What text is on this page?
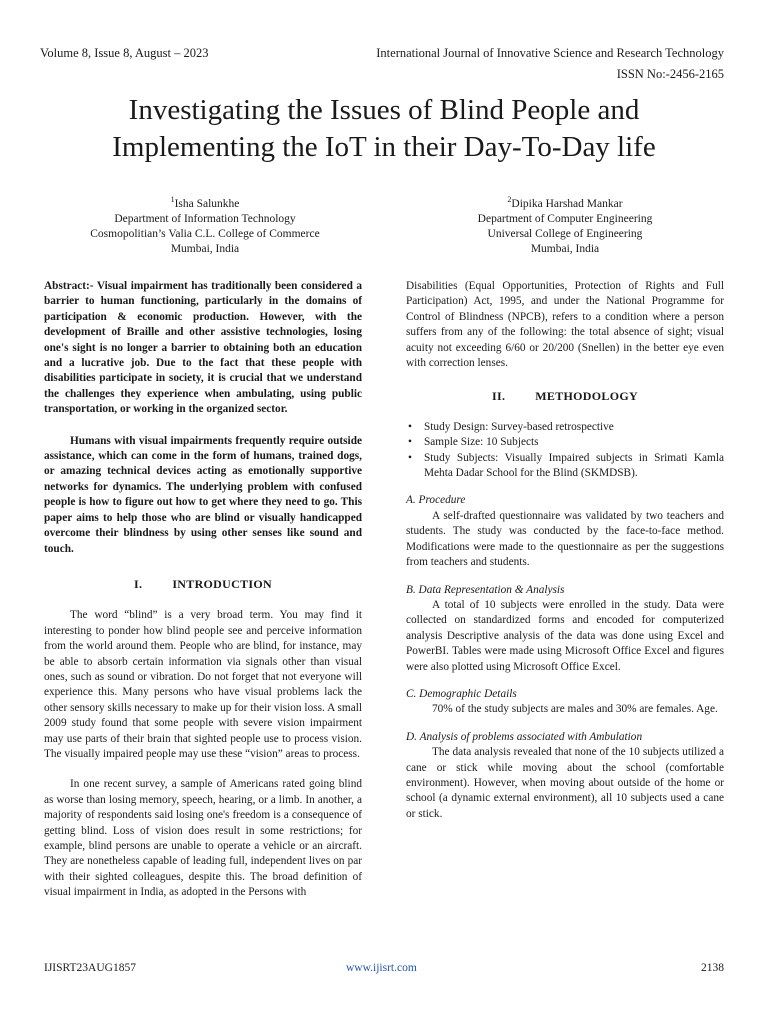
Volume 8, Issue 8, August – 2023	International Journal of Innovative Science and Research Technology
ISSN No:-2456-2165
Investigating the Issues of Blind People and
Implementing the IoT in their Day-To-Day life
$^1$Isha Salunkhe
Department of Information Technology
Cosmopolitian’s Valia C.L. College of Commerce
Mumbai, India
$^2$Dipika Harshad Mankar
Department of Computer Engineering
Universal College of Engineering
Mumbai, India

Abstract:- Visual impairment has traditionally been considered a barrier to human functioning, particularly in the domains of participation & economic production. However, with the development of Braille and other assistive technologies, losing one's sight is no longer a barrier to obtaining both an education and a lucrative job. Due to the fact that these people with disabilities participate in society, it is crucial that we understand the challenges they experience when ambulating, using public transportation, or working in the organized sector.

Humans with visual impairments frequently require outside assistance, which can come in the form of humans, trained dogs, or amazing technical devices acting as emotionally supportive networks for dynamics. The underlying problem with confused people is how to figure out how to get where they need to go. This paper aims to help those who are blind or visually handicapped overcome their blindness by using other senses like sound and touch.

I.	INTRODUCTION

The word “blind” is a very broad term. You may find it interesting to ponder how blind people see and perceive information from the world around them. People who are blind, for instance, may be able to absorb certain information via signals other than visual ones, such as sound or vibration. Do not forget that not everyone will experience this. Many persons who have visual problems lack the other sensory skills necessary to make up for their vision loss. A small 2009 study found that some people with severe vision impairment may use parts of their brain that sighted people use to process vision. The visually impaired people may use these “vision” areas to process.

In one recent survey, a sample of Americans rated going blind as worse than losing memory, speech, hearing, or a limb. In another, a majority of respondents said losing one's freedom is a consequence of getting blind. Loss of vision does result in some restrictions; for example, blind persons are unable to operate a vehicle or an aircraft. They are nonetheless capable of leading full, independent lives on par with their sighted colleagues, despite this. The broad definition of visual impairment in India, as adopted in the Persons with

Disabilities (Equal Opportunities, Protection of Rights and Full Participation) Act, 1995, and under the National Programme for Control of Blindness (NPCB), refers to a condition where a person suffers from any of the following: the total absence of sight; visual acuity not exceeding 6/60 or 20/200 (Snellen) in the better eye even with correction lenses.

II.	METHODOLOGY
• Study Design: Survey-based retrospective
• Sample Size: 10 Subjects
• Study Subjects: Visually Impaired subjects in Srimati Kamla Mehta Dadar School for the Blind (SKMDSB).
A. Procedure

A self-drafted questionnaire was validated by two teachers and students. The study was conducted by the face-to-face method. Modifications were made to the questionnaire as per the suggestions from teachers and students.

B. Data Representation & Analysis

A total of 10 subjects were enrolled in the study. Data were collected on standardized forms and encoded for computerized analysis Descriptive analysis of the data was done using Excel and PowerBI. Tables were made using Microsoft Office Excel and figures were also plotted using Microsoft Office Excel.

C. Demographic Details

70% of the study subjects are males and 30% are females. Age.

D. Analysis of problems associated with Ambulation

The data analysis revealed that none of the 10 subjects utilized a cane or stick while moving about the school (comfortable environment). However, when moving about outside of the home or school (a dynamic external environment), all 10 subjects used a cane or stick.

IJISRT23AUG1857	www.ijisrt.com	2138
